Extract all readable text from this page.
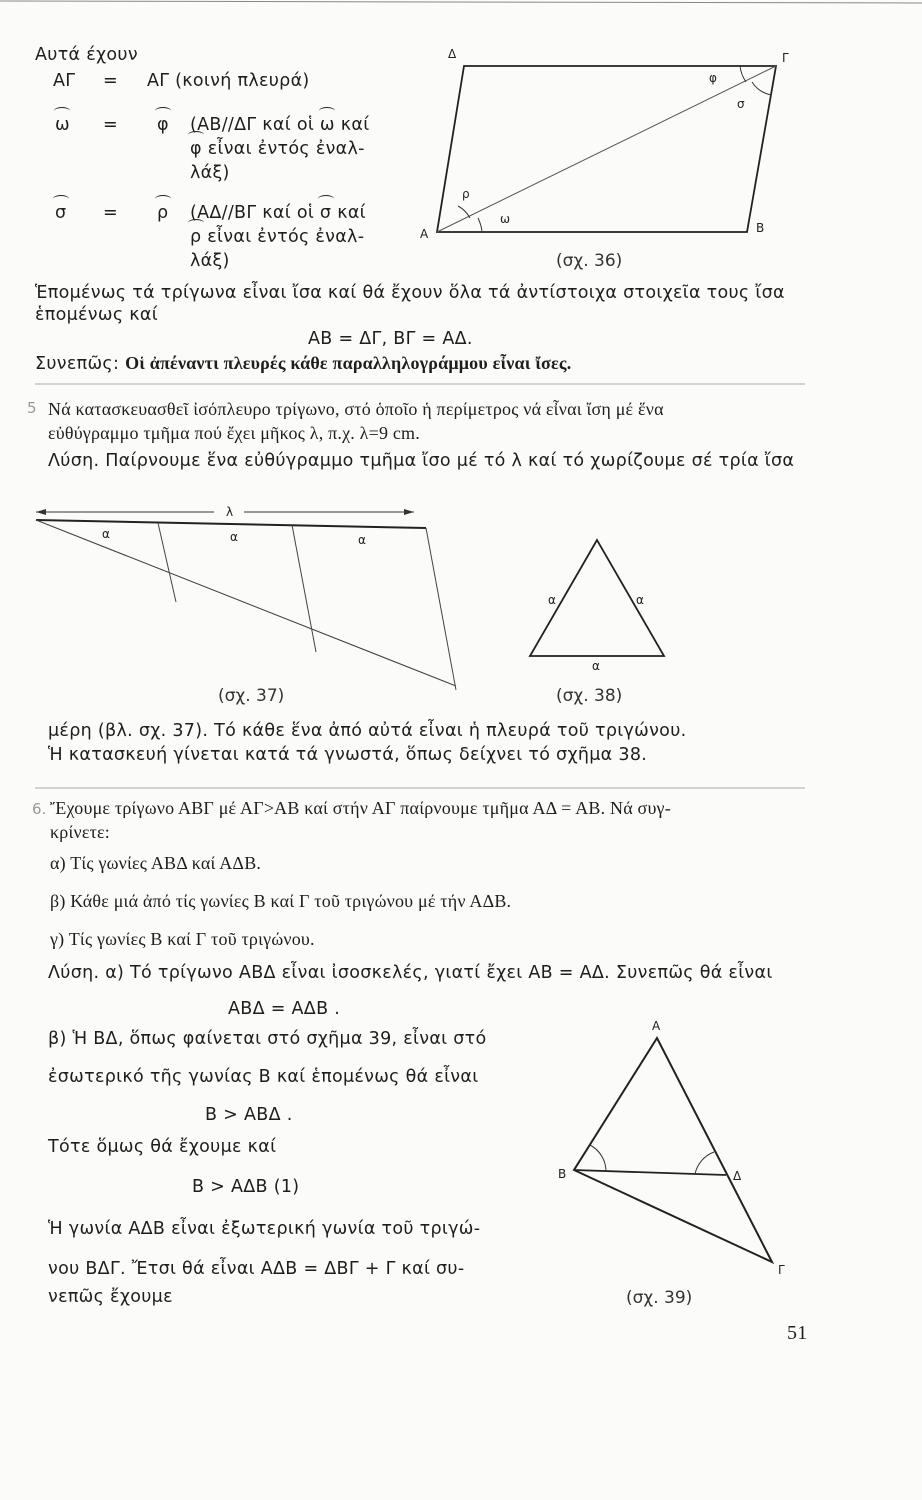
Αυτά έχουν
ΑΓ = ΑΓ (κοινή πλευρά)
ω = φ (ΑΒ//ΔΓ καί οἱ ω καί
φ εἶναι ἐντός ἐναλ-
λάξ)
σ = ρ (ΑΔ//ΒΓ καί οἱ σ καί
ρ εἶναι ἐντός ἐναλ-
λάξ)
Δ	Γ
Α	Β
ρ
ω
φ
σ
(σχ. 36)
Ἑπομένως τά τρίγωνα εἶναι ἴσα καί θά ἔχουν ὅλα τά ἀντίστοιχα στοιχεῖα τους ἴσα
ἑπομένως καί
ΑΒ = ΔΓ, ΒΓ = ΑΔ.
Συνεπῶς: Οἱ ἀπέναντι πλευρές κάθε παραλληλογράμμου εἶναι ἴσες.
5 Νά κατασκευασθεῖ ἰσόπλευρο τρίγωνο, στό ὁποῖο ἡ περίμετρος νά εἶναι ἴση μέ ἕνα
εὐθύγραμμο τμῆμα πού ἔχει μῆκος λ, π.χ. λ=9 cm.
Λύση. Παίρνουμε ἕνα εὐθύγραμμο τμῆμα ἴσο μέ τό λ καί τό χωρίζουμε σέ τρία ἴσα
λ
α	α	α
(σχ. 37)
α	α
α
(σχ. 38)
μέρη (βλ. σχ. 37). Τό κάθε ἕνα ἀπό αὐτά εἶναι ἡ πλευρά τοῦ τριγώνου.
Ἡ κατασκευή γίνεται κατά τά γνωστά, ὅπως δείχνει τό σχῆμα 38.
6. Ἔχουμε τρίγωνο ΑΒΓ μέ ΑΓ>ΑΒ καί στήν ΑΓ παίρνουμε τμῆμα ΑΔ = ΑΒ. Νά συγ-
κρίνετε:
α) Τίς γωνίες ΑΒΔ καί ΑΔΒ.
β) Κάθε μιά ἀπό τίς γωνίες Β καί Γ τοῦ τριγώνου μέ τήν ΑΔΒ.
γ) Τίς γωνίες Β καί Γ τοῦ τριγώνου.
Λύση. α) Τό τρίγωνο ΑΒΔ εἶναι ἰσοσκελές, γιατί ἔχει ΑΒ = ΑΔ. Συνεπῶς θά εἶναι
ΑΒΔ = ΑΔΒ .
β) Ἡ ΒΔ, ὅπως φαίνεται στό σχῆμα 39, εἶναι στό
ἐσωτερικό τῆς γωνίας Β καί ἑπομένως θά εἶναι
Β > ΑΒΔ .
Τότε ὅμως θά ἔχουμε καί
Β > ΑΔΒ (1)
Ἡ γωνία ΑΔΒ εἶναι ἐξωτερική γωνία τοῦ τριγώ-
νου ΒΔΓ. Ἔτσι θά εἶναι ΑΔΒ = ΔΒΓ + Γ καί συ-
νεπῶς ἔχουμε
Α
Β	Δ
Γ
(σχ. 39)
51
